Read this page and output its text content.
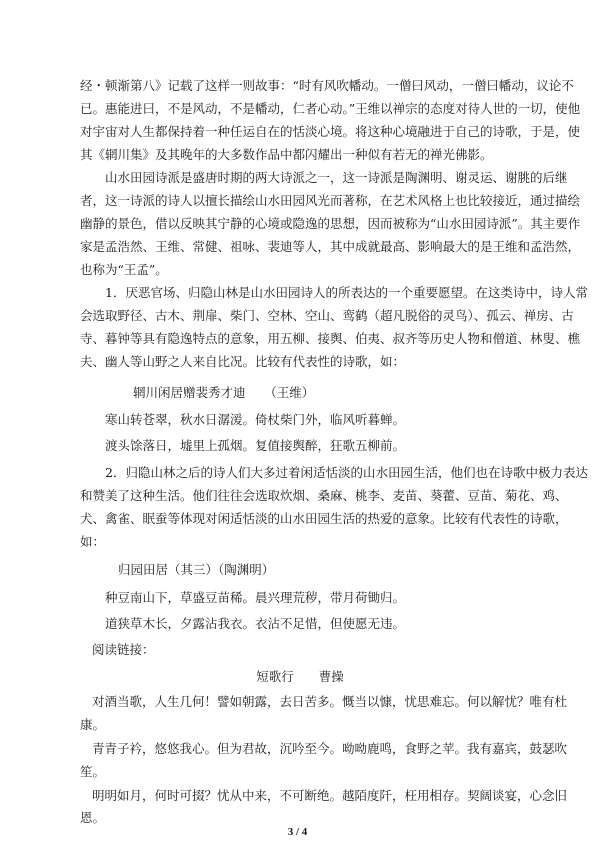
经・顿渐第八》记载了这样一则故事：“时有风吹幡动。一僧曰风动，一僧曰幡动，议论不
已。惠能进曰，不是风动，不是幡动，仁者心动。”王维以禅宗的态度对待人世的一切，使他
对宇宙对人生都保持着一种任运自在的恬淡心境。将这种心境融进于自己的诗歌，于是，使
其《辋川集》及其晚年的大多数作品中都闪耀出一种似有若无的禅光佛影。
山水田园诗派是盛唐时期的两大诗派之一，这一诗派是陶渊明、谢灵运、谢朓的后继
者，这一诗派的诗人以擅长描绘山水田园风光而著称，在艺术风格上也比较接近，通过描绘
幽静的景色，借以反映其宁静的心境或隐逸的思想，因而被称为“山水田园诗派”。其主要作
家是孟浩然、王维、常健、祖咏、裴迪等人，其中成就最高、影响最大的是王维和孟浩然，
也称为“王孟”。
1．厌恶官场、归隐山林是山水田园诗人的所表达的一个重要愿望。在这类诗中，诗人常
会选取野径、古木、荆扉、柴门、空林、空山、鸾鹤（超凡脱俗的灵鸟）、孤云、禅房、古
寺、暮钟等具有隐逸特点的意象，用五柳、接舆、伯夷、叔齐等历史人物和僧道、林叟、樵
夫、幽人等山野之人来自比况。比较有代表性的诗歌，如：
辋川闲居赠裴秀才迪　　（王维）
寒山转苍翠，秋水日潺湲。倚杖柴门外，临风听暮蝉。
渡头馀落日，墟里上孤烟。复值接舆醉，狂歌五柳前。
2．归隐山林之后的诗人们大多过着闲适恬淡的山水田园生活，他们也在诗歌中极力表达
和赞美了这种生活。他们往往会选取炊烟、桑麻、桃李、麦苗、葵藿、豆苗、菊花、鸡、
犬、禽雀、眠蚕等体现对闲适恬淡的山水田园生活的热爱的意象。比较有代表性的诗歌，
如：
归园田居（其三）（陶渊明）
种豆南山下，草盛豆苗稀。晨兴理荒秽，带月荷锄归。
道狭草木长，夕露沾我衣。衣沾不足惜，但使愿无违。
阅读链接：
短歌行　　曹操
对酒当歌，人生几何！譬如朝露，去日苦多。慨当以慷，忧思难忘。何以解忧？唯有杜
康。
青青子衿，悠悠我心。但为君故，沉吟至今。呦呦鹿鸣，食野之苹。我有嘉宾，鼓瑟吹
笙。
明明如月，何时可掇？忧从中来，不可断绝。越陌度阡，枉用相存。契阔谈宴，心念旧
恩。
3 / 4
